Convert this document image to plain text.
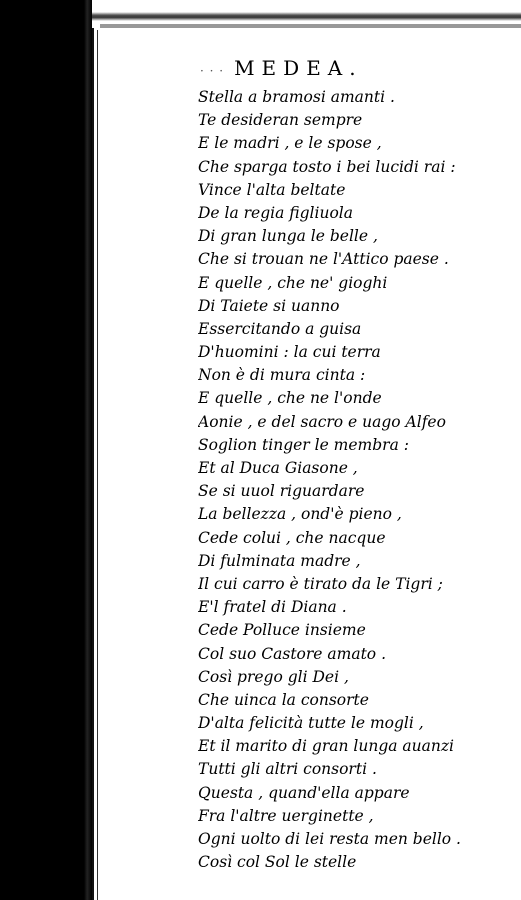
· · · MEDEA.
Stella a bramosi amanti .
Te desideran sempre
E le madri , e le spose ,
Che sparga tosto i bei lucidi rai :
Vince l'alta beltate
De la regia figliuola
Di gran lunga le belle ,
Che si trouan ne l'Attico paese .
E quelle , che ne' gioghi
Di Taiete si uanno
Essercitando a guisa
D'huomini : la cui terra
Non è di mura cinta :
E quelle , che ne l'onde
Aonie , e del sacro e uago Alfeo
Soglion tinger le membra :
Et al Duca Giasone ,
Se si uuol riguardare
La bellezza , ond'è pieno ,
Cede colui , che nacque
Di fulminata madre ,
Il cui carro è tirato da le Tigri ;
E'l fratel di Diana .
Cede Polluce insieme
Col suo Castore amato .
Così prego gli Dei ,
Che uinca la consorte
D'alta felicità tutte le mogli ,
Et il marito di gran lunga auanzi
Tutti gli altri consorti .
Questa , quand'ella appare
Fra l'altre uerginette ,
Ogni uolto di lei resta men bello .
Così col Sol le stelle
